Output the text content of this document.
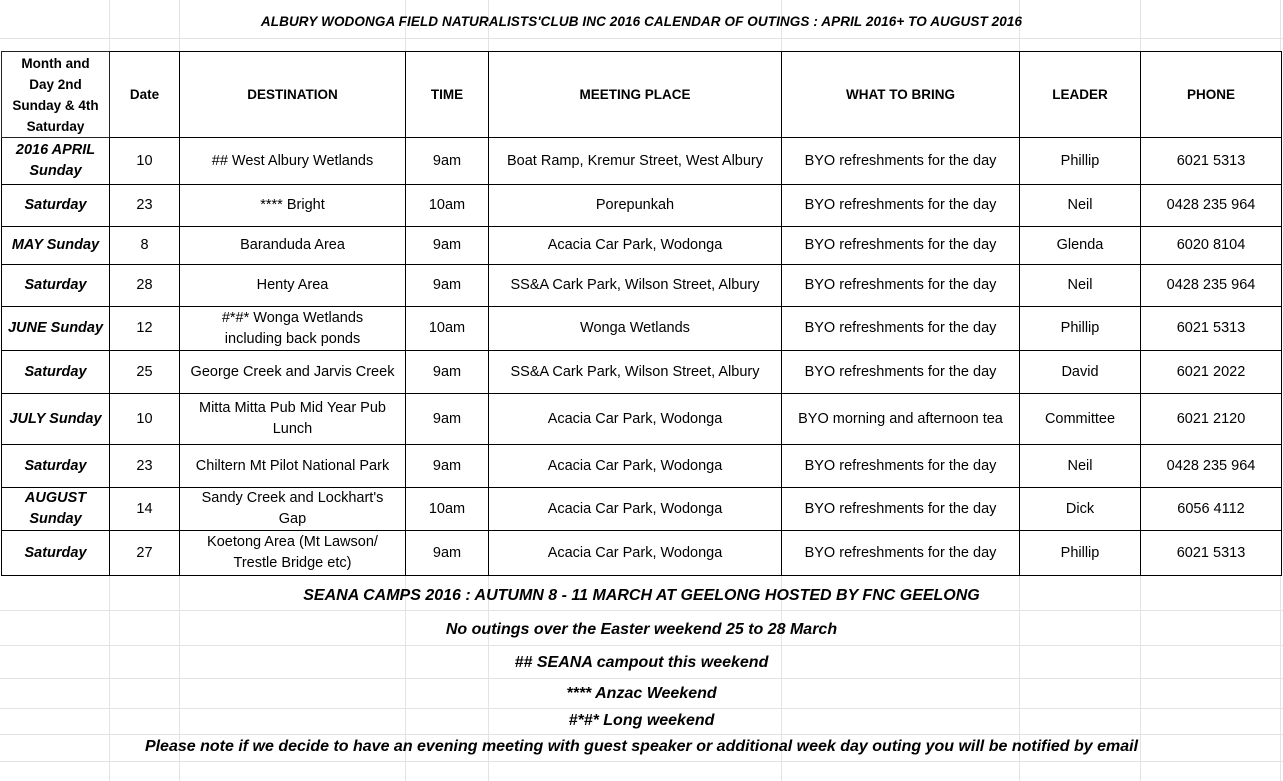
ALBURY WODONGA FIELD NATURALISTS'CLUB INC 2016 CALENDAR OF OUTINGS : APRIL 2016+ TO AUGUST 2016
Month and
Day 2nd
Sunday & 4th
Saturday	Date	DESTINATION	TIME	MEETING PLACE	WHAT TO BRING	LEADER	PHONE
2016 APRIL
Sunday	10	## West Albury Wetlands	9am	Boat Ramp, Kremur Street, West Albury	BYO refreshments for the day	Phillip	6021 5313
Saturday	23	**** Bright	10am	Porepunkah	BYO refreshments for the day	Neil	0428 235 964
MAY Sunday	8	Baranduda Area	9am	Acacia Car Park, Wodonga	BYO refreshments for the day	Glenda	6020 8104
Saturday	28	Henty Area	9am	SS&A Cark Park, Wilson Street, Albury	BYO refreshments for the day	Neil	0428 235 964
JUNE Sunday	12	#*#* Wonga Wetlands
including back ponds	10am	Wonga Wetlands	BYO refreshments for the day	Phillip	6021 5313
Saturday	25	George Creek and Jarvis Creek	9am	SS&A Cark Park, Wilson Street, Albury	BYO refreshments for the day	David	6021 2022
JULY Sunday	10	Mitta Mitta Pub Mid Year Pub
Lunch	9am	Acacia Car Park, Wodonga	BYO morning and afternoon tea	Committee	6021 2120
Saturday	23	Chiltern Mt Pilot National Park	9am	Acacia Car Park, Wodonga	BYO refreshments for the day	Neil	0428 235 964
AUGUST
Sunday	14	Sandy Creek and Lockhart's
Gap	10am	Acacia Car Park, Wodonga	BYO refreshments for the day	Dick	6056 4112
Saturday	27	Koetong Area (Mt Lawson/
Trestle Bridge etc)	9am	Acacia Car Park, Wodonga	BYO refreshments for the day	Phillip	6021 5313
SEANA CAMPS 2016 : AUTUMN 8 - 11 MARCH AT GEELONG HOSTED BY FNC GEELONG
No outings over the Easter weekend 25 to 28 March
## SEANA campout this weekend
**** Anzac Weekend
#*#* Long weekend
Please note if we decide to have an evening meeting with guest speaker or additional week day outing you will be notified by email
